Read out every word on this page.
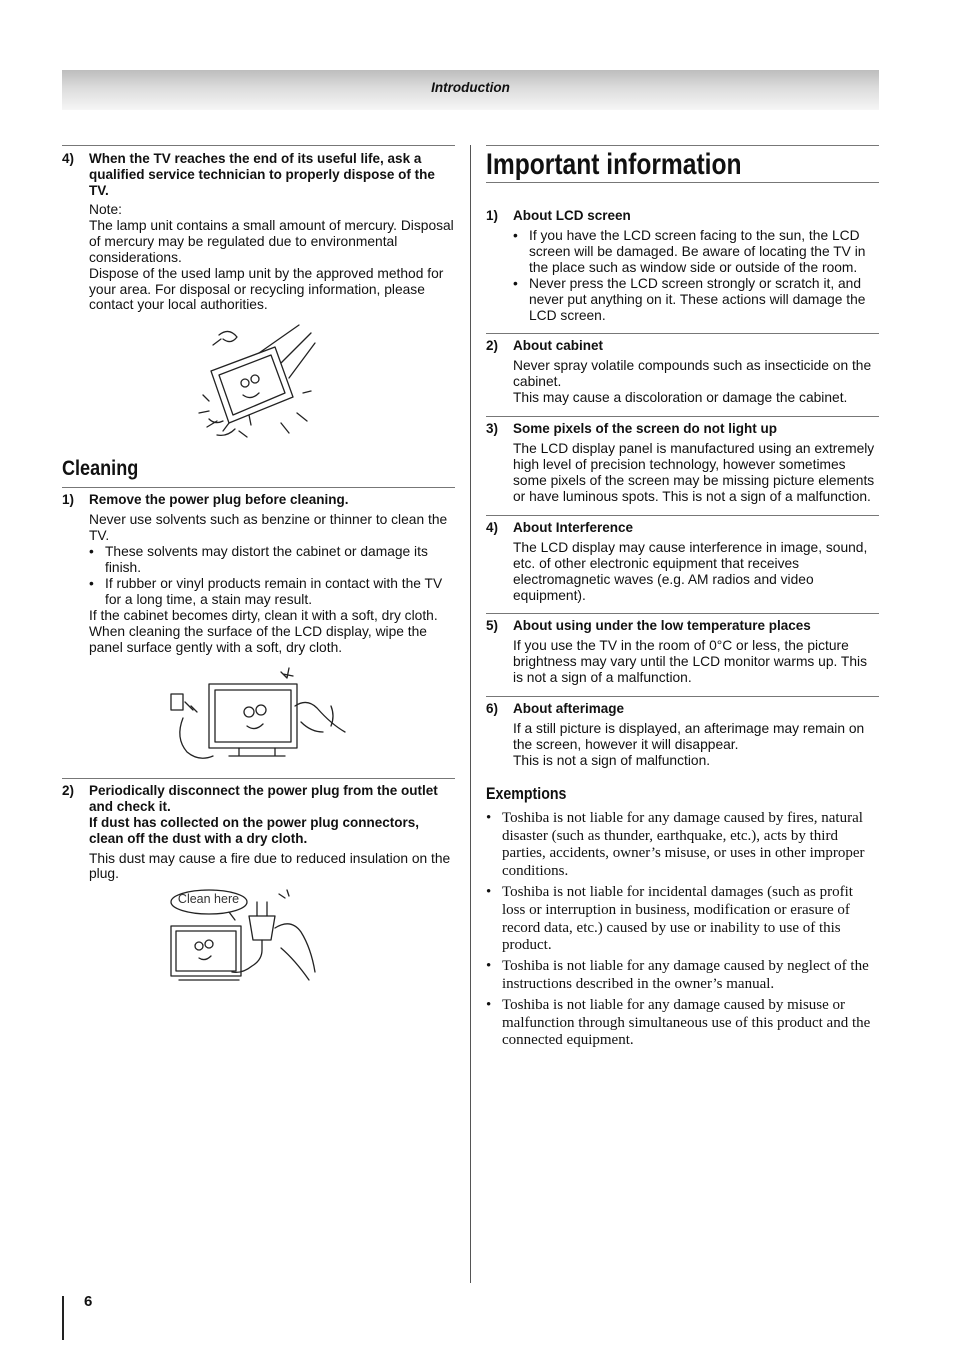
Introduction
4)	When the TV reaches the end of its useful life, ask a qualified service technician to properly dispose of the TV.
Note:
The lamp unit contains a small amount of mercury. Disposal of mercury may be regulated due to environmental considerations.
Dispose of the used lamp unit by the approved method for your area. For disposal or recycling information, please contact your local authorities.
Cleaning
1)	Remove the power plug before cleaning.
Never use solvents such as benzine or thinner to clean the TV.
• These solvents may distort the cabinet or damage its finish.
• If rubber or vinyl products remain in contact with the TV for a long time, a stain may result.
If the cabinet becomes dirty, clean it with a soft, dry cloth.
When cleaning the surface of the LCD display, wipe the panel surface gently with a soft, dry cloth.
2)	Periodically disconnect the power plug from the outlet and check it.
If dust has collected on the power plug connectors, clean off the dust with a dry cloth.
This dust may cause a fire due to reduced insulation on the plug.
Clean here
Important information
1)	About LCD screen
• If you have the LCD screen facing to the sun, the LCD screen will be damaged. Be aware of locating the TV in the place such as window side or outside of the room.
• Never press the LCD screen strongly or scratch it, and never put anything on it. These actions will damage the LCD screen.
2)	About cabinet
Never spray volatile compounds such as insecticide on the cabinet.
This may cause a discoloration or damage the cabinet.
3)	Some pixels of the screen do not light up
The LCD display panel is manufactured using an extremely high level of precision technology, however sometimes some pixels of the screen may be missing picture elements or have luminous spots. This is not a sign of a malfunction.
4)	About Interference
The LCD display may cause interference in image, sound, etc. of other electronic equipment that receives electromagnetic waves (e.g. AM radios and video equipment).
5)	About using under the low temperature places
If you use the TV in the room of 0°C or less, the picture brightness may vary until the LCD monitor warms up. This is not a sign of a malfunction.
6)	About afterimage
If a still picture is displayed, an afterimage may remain on the screen, however it will disappear.
This is not a sign of malfunction.
Exemptions
• Toshiba is not liable for any damage caused by fires, natural disaster (such as thunder, earthquake, etc.), acts by third parties, accidents, owner’s misuse, or uses in other improper conditions.
• Toshiba is not liable for incidental damages (such as profit loss or interruption in business, modification or erasure of record data, etc.) caused by use or inability to use of this product.
• Toshiba is not liable for any damage caused by neglect of the instructions described in the owner’s manual.
• Toshiba is not liable for any damage caused by misuse or malfunction through simultaneous use of this product and the connected equipment.
6
